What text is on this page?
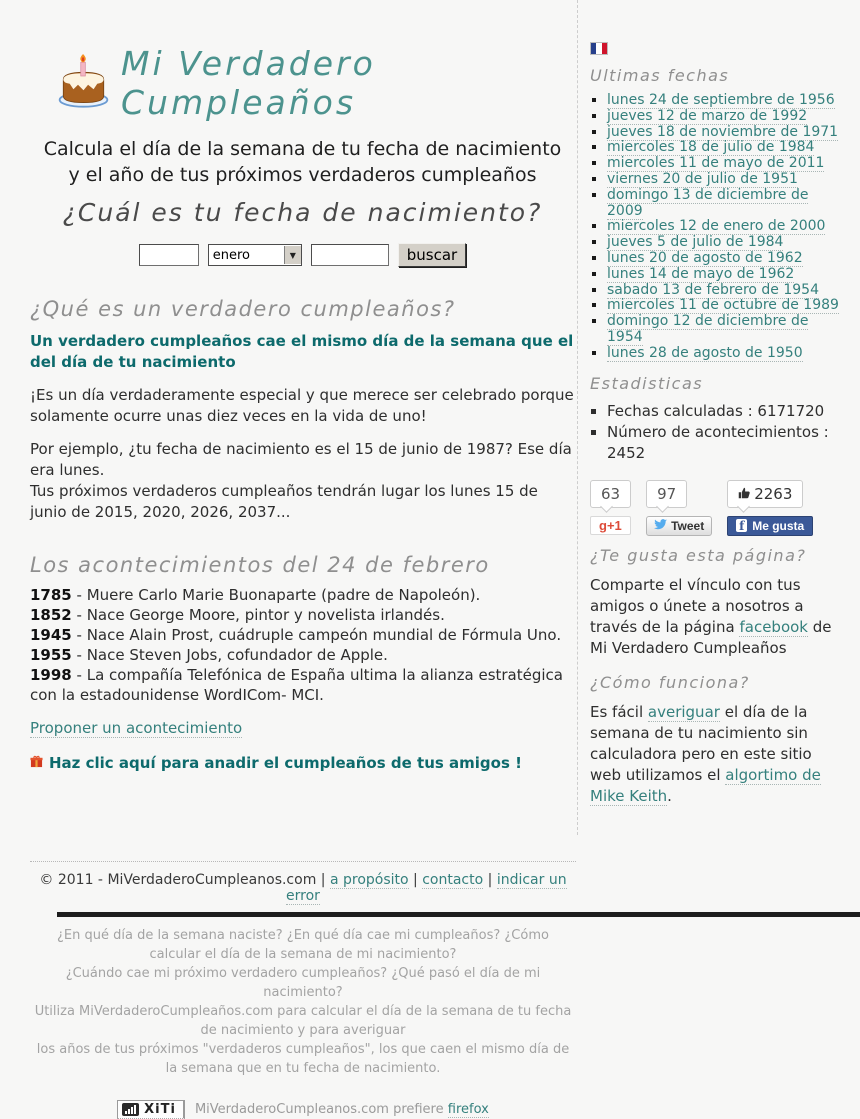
Mi Verdadero Cumpleaños
Calcula el día de la semana de tu fecha de nacimiento
y el año de tus próximos verdaderos cumpleaños
¿Cuál es tu fecha de nacimiento?
enero	▼	buscar
¿Qué es un verdadero cumpleaños?
Un verdadero cumpleaños cae el mismo día de la semana que el del día de tu nacimiento
¡Es un día verdaderamente especial y que merece ser celebrado porque solamente ocurre unas diez veces en la vida de uno!
Por ejemplo, ¿tu fecha de nacimiento es el 15 de junio de 1987? Ese día era lunes.
Tus próximos verdaderos cumpleaños tendrán lugar los lunes 15 de junio de 2015, 2020, 2026, 2037...
Los acontecimientos del 24 de febrero
1785 - Muere Carlo Marie Buonaparte (padre de Napoleón).
1852 - Nace George Moore, pintor y novelista irlandés.
1945 - Nace Alain Prost, cuádruple campeón mundial de Fórmula Uno.
1955 - Nace Steven Jobs, cofundador de Apple.
1998 - La compañía Telefónica de España ultima la alianza estratégica con la estadounidense WordICom- MCI.
Proponer un acontecimiento
Haz clic aquí para anadir el cumpleaños de tus amigos !
Ultimas fechas
▪ lunes 24 de septiembre de 1956
▪ jueves 12 de marzo de 1992
▪ jueves 18 de noviembre de 1971
▪ miercoles 18 de julio de 1984
▪ miercoles 11 de mayo de 2011
▪ viernes 20 de julio de 1951
▪ domingo 13 de diciembre de 2009
▪ miercoles 12 de enero de 2000
▪ jueves 5 de julio de 1984
▪ lunes 20 de agosto de 1962
▪ lunes 14 de mayo de 1962
▪ sabado 13 de febrero de 1954
▪ miercoles 11 de octubre de 1989
▪ domingo 12 de diciembre de 1954
▪ lunes 28 de agosto de 1950
Estadisticas
▪ Fechas calculadas : 6171720
▪ Número de acontecimientos : 2452
63
g+1
97
Tweet
2263
f Me gusta
¿Te gusta esta página?
Comparte el vínculo con tus amigos o únete a nosotros a través de la página facebook de Mi Verdadero Cumpleaños
¿Cómo funciona?
Es fácil averiguar el día de la semana de tu nacimiento sin calculadora pero en este sitio web utilizamos el algortimo de Mike Keith.
© 2011 - MiVerdaderoCumpleanos.com | a propósito | contacto | indicar un error
¿En qué día de la semana naciste? ¿En qué día cae mi cumpleaños? ¿Cómo calcular el día de la semana de mi nacimiento?
¿Cuándo cae mi próximo verdadero cumpleaños? ¿Qué pasó el día de mi nacimiento?
Utiliza MiVerdaderoCumpleaños.com para calcular el día de la semana de tu fecha de nacimiento y para averiguar
los años de tus próximos "verdaderos cumpleaños", los que caen el mismo día de la semana que en tu fecha de nacimiento.
XiTi MiVerdaderoCumpleanos.com prefiere firefox
